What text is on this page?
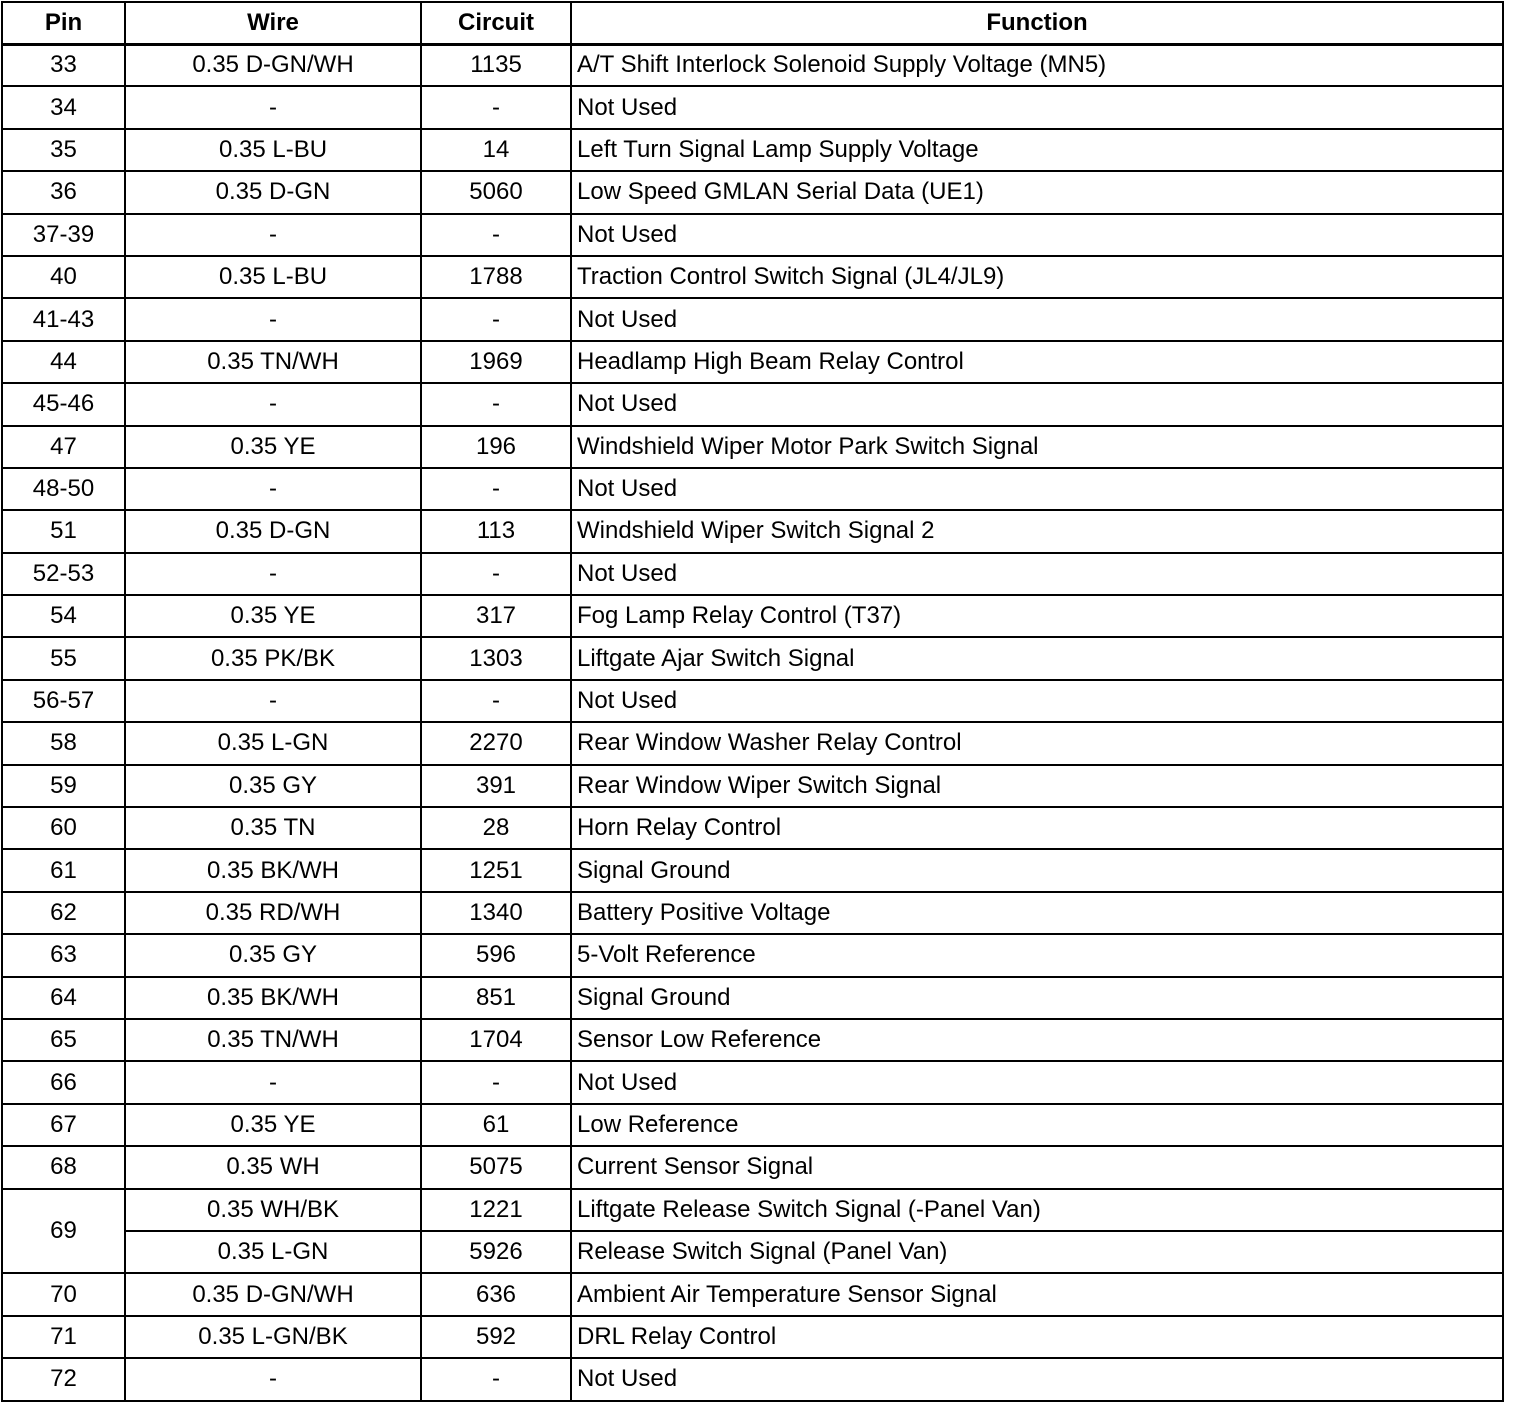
Pin	Wire	Circuit	Function
33	0.35 D-GN/WH	1135	A/T Shift Interlock Solenoid Supply Voltage (MN5)
34	-	-	Not Used
35	0.35 L-BU	14	Left Turn Signal Lamp Supply Voltage
36	0.35 D-GN	5060	Low Speed GMLAN Serial Data (UE1)
37-39	-	-	Not Used
40	0.35 L-BU	1788	Traction Control Switch Signal (JL4/JL9)
41-43	-	-	Not Used
44	0.35 TN/WH	1969	Headlamp High Beam Relay Control
45-46	-	-	Not Used
47	0.35 YE	196	Windshield Wiper Motor Park Switch Signal
48-50	-	-	Not Used
51	0.35 D-GN	113	Windshield Wiper Switch Signal 2
52-53	-	-	Not Used
54	0.35 YE	317	Fog Lamp Relay Control (T37)
55	0.35 PK/BK	1303	Liftgate Ajar Switch Signal
56-57	-	-	Not Used
58	0.35 L-GN	2270	Rear Window Washer Relay Control
59	0.35 GY	391	Rear Window Wiper Switch Signal
60	0.35 TN	28	Horn Relay Control
61	0.35 BK/WH	1251	Signal Ground
62	0.35 RD/WH	1340	Battery Positive Voltage
63	0.35 GY	596	5-Volt Reference
64	0.35 BK/WH	851	Signal Ground
65	0.35 TN/WH	1704	Sensor Low Reference
66	-	-	Not Used
67	0.35 YE	61	Low Reference
68	0.35 WH	5075	Current Sensor Signal
69	0.35 WH/BK	1221	Liftgate Release Switch Signal (-Panel Van)
	0.35 L-GN	5926	Release Switch Signal (Panel Van)
70	0.35 D-GN/WH	636	Ambient Air Temperature Sensor Signal
71	0.35 L-GN/BK	592	DRL Relay Control
72	-	-	Not Used
